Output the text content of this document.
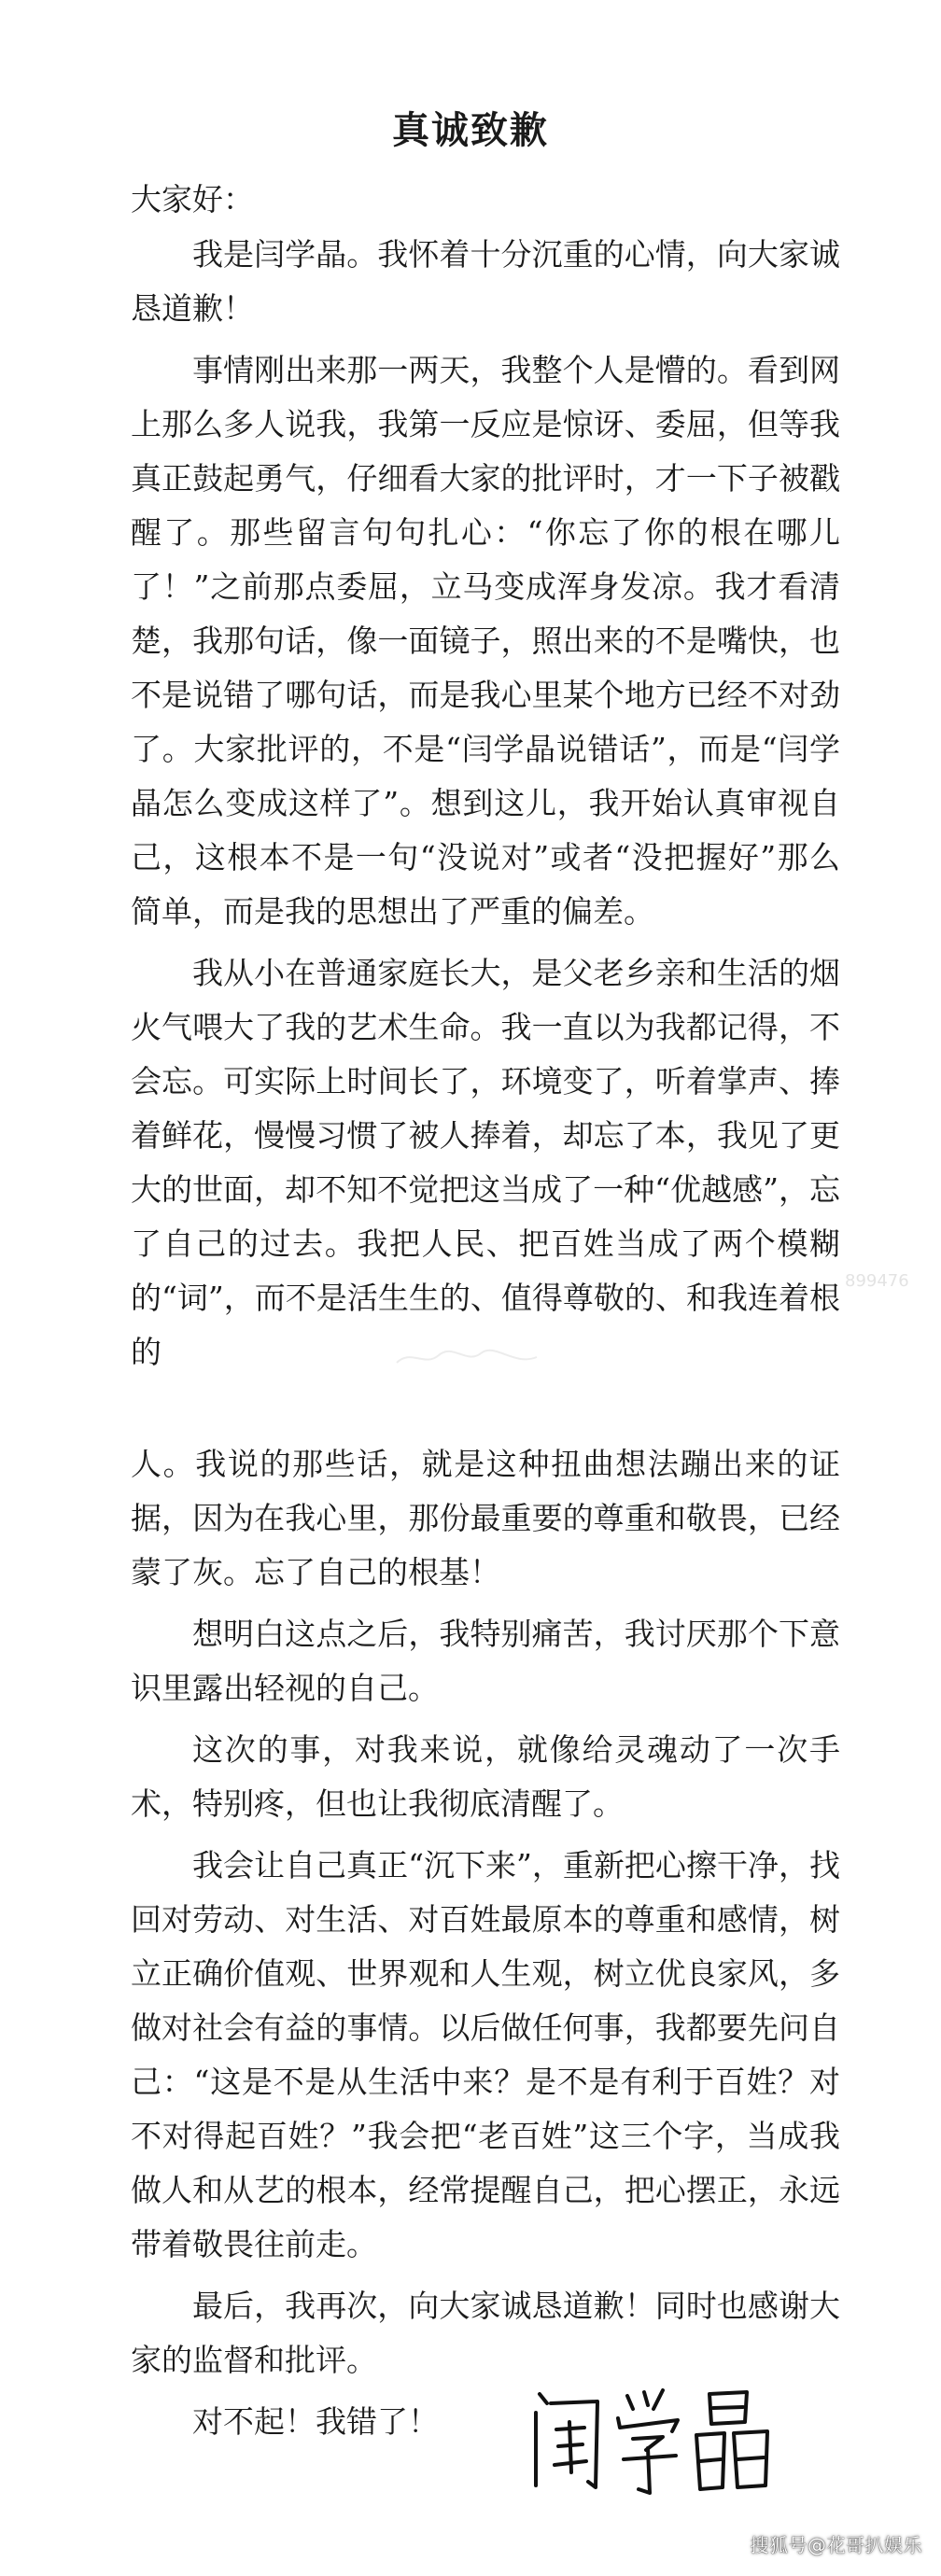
真诚致歉

大家好：

我是闫学晶。我怀着十分沉重的心情，向大家诚恳道歉！

事情刚出来那一两天，我整个人是懵的。看到网上那么多人说我，我第一反应是惊讶、委屈，但等我真正鼓起勇气，仔细看大家的批评时，才一下子被戳醒了。那些留言句句扎心：“你忘了你的根在哪儿了！”之前那点委屈，立马变成浑身发凉。我才看清楚，我那句话，像一面镜子，照出来的不是嘴快，也不是说错了哪句话，而是我心里某个地方已经不对劲了。大家批评的，不是“闫学晶说错话”，而是“闫学晶怎么变成这样了”。想到这儿，我开始认真审视自己，这根本不是一句“没说对”或者“没把握好”那么简单，而是我的思想出了严重的偏差。

我从小在普通家庭长大，是父老乡亲和生活的烟火气喂大了我的艺术生命。我一直以为我都记得，不会忘。可实际上时间长了，环境变了，听着掌声、捧着鲜花，慢慢习惯了被人捧着，却忘了本，我见了更大的世面，却不知不觉把这当成了一种“优越感”，忘了自己的过去。我把人民、把百姓当成了两个模糊的“词”，而不是活生生的、值得尊敬的、和我连着根的

899476

人。我说的那些话，就是这种扭曲想法蹦出来的证据，因为在我心里，那份最重要的尊重和敬畏，已经蒙了灰。忘了自己的根基！

想明白这点之后，我特别痛苦，我讨厌那个下意识里露出轻视的自己。

这次的事，对我来说，就像给灵魂动了一次手术，特别疼，但也让我彻底清醒了。

我会让自己真正“沉下来”，重新把心擦干净，找回对劳动、对生活、对百姓最原本的尊重和感情，树立正确价值观、世界观和人生观，树立优良家风，多做对社会有益的事情。以后做任何事，我都要先问自己：“这是不是从生活中来？是不是有利于百姓？对不对得起百姓？”我会把“老百姓”这三个字，当成我做人和从艺的根本，经常提醒自己，把心摆正，永远带着敬畏往前走。

最后，我再次，向大家诚恳道歉！同时也感谢大家的监督和批评。

对不起！我错了！

搜狐号@花哥扒娱乐
